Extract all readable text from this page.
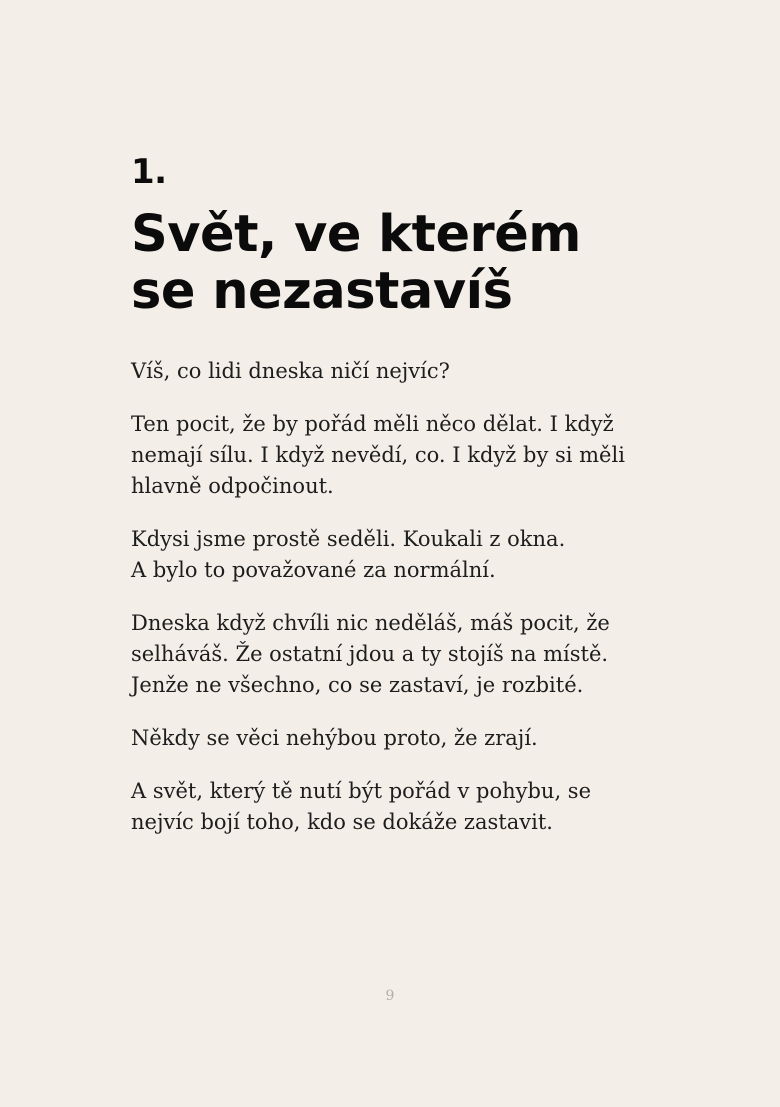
1.
Svět, ve kterém
se nezastavíš

Víš, co lidi dneska ničí nejvíc?

Ten pocit, že by pořád měli něco dělat. I když
nemají sílu. I když nevědí, co. I když by si měli
hlavně odpočinout.

Kdysi jsme prostě seděli. Koukali z okna.
A bylo to považované za normální.

Dneska když chvíli nic neděláš, máš pocit, že
selháváš. Že ostatní jdou a ty stojíš na místě.
Jenže ne všechno, co se zastaví, je rozbité.

Někdy se věci nehýbou proto, že zrají.

A svět, který tě nutí být pořád v pohybu, se
nejvíc bojí toho, kdo se dokáže zastavit.

9
